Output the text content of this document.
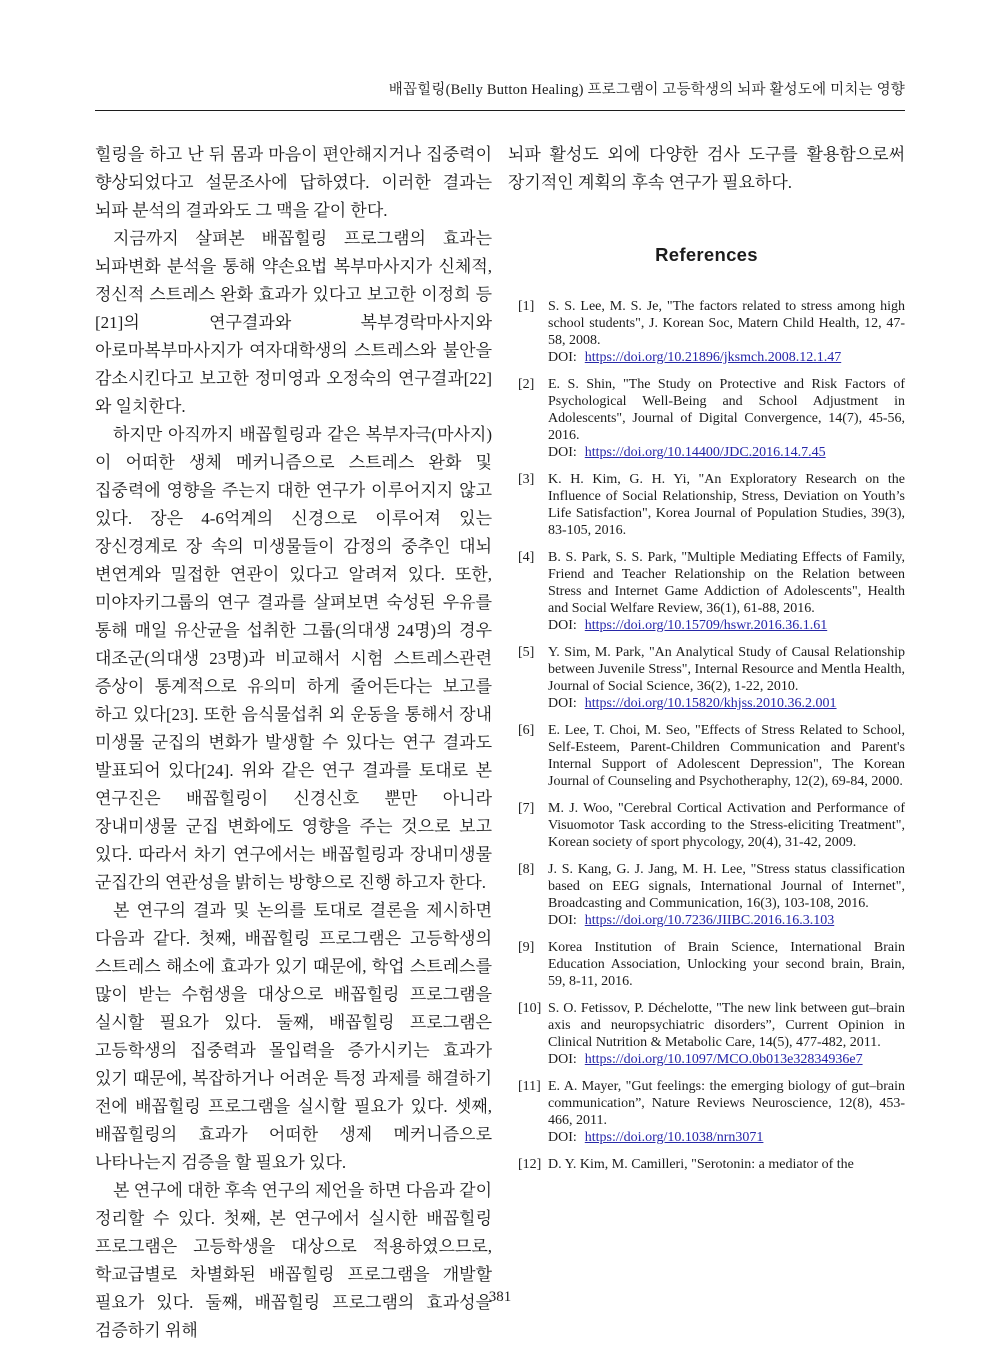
배꼽힐링(Belly Button Healing) 프로그램이 고등학생의 뇌파 활성도에 미치는 영향

힐링을 하고 난 뒤 몸과 마음이 편안해지거나 집중력이 향상되었다고 설문조사에 답하였다. 이러한 결과는 뇌파 분석의 결과와도 그 맥을 같이 한다.

지금까지 살펴본 배꼽힐링 프로그램의 효과는 뇌파변화 분석을 통해 약손요법 복부마사지가 신체적, 정신적 스트레스 완화 효과가 있다고 보고한 이정희 등[21]의 연구결과와 복부경락마사지와 아로마복부마사지가 여자대학생의 스트레스와 불안을 감소시킨다고 보고한 정미영과 오정숙의 연구결과[22]와 일치한다.

하지만 아직까지 배꼽힐링과 같은 복부자극(마사지)이 어떠한 생체 메커니즘으로 스트레스 완화 및 집중력에 영향을 주는지 대한 연구가 이루어지지 않고 있다. 장은 4-6억계의 신경으로 이루어져 있는 장신경계로 장 속의 미생물들이 감정의 중추인 대뇌 변연계와 밀접한 연관이 있다고 알려져 있다. 또한, 미야자키그룹의 연구 결과를 살펴보면 숙성된 우유를 통해 매일 유산균을 섭취한 그룹(의대생 24명)의 경우 대조군(의대생 23명)과 비교해서 시험 스트레스관련 증상이 통계적으로 유의미 하게 줄어든다는 보고를 하고 있다[23]. 또한 음식물섭취 외 운동을 통해서 장내 미생물 군집의 변화가 발생할 수 있다는 연구 결과도 발표되어 있다[24]. 위와 같은 연구 결과를 토대로 본 연구진은 배꼽힐링이 신경신호 뿐만 아니라 장내미생물 군집 변화에도 영향을 주는 것으로 보고 있다. 따라서 차기 연구에서는 배꼽힐링과 장내미생물 군집간의 연관성을 밝히는 방향으로 진행 하고자 한다.

본 연구의 결과 및 논의를 토대로 결론을 제시하면 다음과 같다. 첫째, 배꼽힐링 프로그램은 고등학생의 스트레스 해소에 효과가 있기 때문에, 학업 스트레스를 많이 받는 수험생을 대상으로 배꼽힐링 프로그램을 실시할 필요가 있다. 둘째, 배꼽힐링 프로그램은 고등학생의 집중력과 몰입력을 증가시키는 효과가 있기 때문에, 복잡하거나 어려운 특정 과제를 해결하기 전에 배꼽힐링 프로그램을 실시할 필요가 있다. 셋째, 배꼽힐링의 효과가 어떠한 생제 메커니즘으로 나타나는지 검증을 할 필요가 있다.

본 연구에 대한 후속 연구의 제언을 하면 다음과 같이 정리할 수 있다. 첫째, 본 연구에서 실시한 배꼽힐링 프로그램은 고등학생을 대상으로 적용하였으므로, 학교급별로 차별화된 배꼽힐링 프로그램을 개발할 필요가 있다. 둘째, 배꼽힐링 프로그램의 효과성을 검증하기 위해

뇌파 활성도 외에 다양한 검사 도구를 활용함으로써 장기적인 계획의 후속 연구가 필요하다.

References
[1] S. S. Lee, M. S. Je, "The factors related to stress among high school students", J. Korean Soc, Matern Child Health, 12, 47-58, 2008.
DOI: https://doi.org/10.21896/jksmch.2008.12.1.47
[2] E. S. Shin, "The Study on Protective and Risk Factors of Psychological Well-Being and School Adjustment in Adolescents", Journal of Digital Convergence, 14(7), 45-56, 2016.
DOI: https://doi.org/10.14400/JDC.2016.14.7.45
[3] K. H. Kim, G. H. Yi, "An Exploratory Research on the Influence of Social Relationship, Stress, Deviation on Youth’s Life Satisfaction", Korea Journal of Population Studies, 39(3), 83-105, 2016.
[4] B. S. Park, S. S. Park, "Multiple Mediating Effects of Family, Friend and Teacher Relationship on the Relation between Stress and Internet Game Addiction of Adolescents", Health and Social Welfare Review, 36(1), 61-88, 2016.
DOI: https://doi.org/10.15709/hswr.2016.36.1.61
[5] Y. Sim, M. Park, "An Analytical Study of Causal Relationship between Juvenile Stress", Internal Resource and Mentla Health, Journal of Social Science, 36(2), 1-22, 2010.
DOI: https://doi.org/10.15820/khjss.2010.36.2.001
[6] E. Lee, T. Choi, M. Seo, "Effects of Stress Related to School, Self-Esteem, Parent-Children Communication and Parent's Internal Support of Adolescent Depression", The Korean Journal of Counseling and Psychotheraphy, 12(2), 69-84, 2000.
[7] M. J. Woo, "Cerebral Cortical Activation and Performance of Visuomotor Task according to the Stress-eliciting Treatment", Korean society of sport phycology, 20(4), 31-42, 2009.
[8] J. S. Kang, G. J. Jang, M. H. Lee, "Stress status classification based on EEG signals, International Journal of Internet", Broadcasting and Communication, 16(3), 103-108, 2016.
DOI: https://doi.org/10.7236/JIIBC.2016.16.3.103
[9] Korea Institution of Brain Science, International Brain Education Association, Unlocking your second brain, Brain, 59, 8-11, 2016.
[10] S. O. Fetissov, P. Déchelotte, "The new link between gut–brain axis and neuropsychiatric disorders”, Current Opinion in Clinical Nutrition & Metabolic Care, 14(5), 477-482, 2011.
DOI: https://doi.org/10.1097/MCO.0b013e32834936e7
[11] E. A. Mayer, "Gut feelings: the emerging biology of gut–brain communication”, Nature Reviews Neuroscience, 12(8), 453-466, 2011.
DOI: https://doi.org/10.1038/nrn3071
[12] D. Y. Kim, M. Camilleri, "Serotonin: a mediator of the
381
